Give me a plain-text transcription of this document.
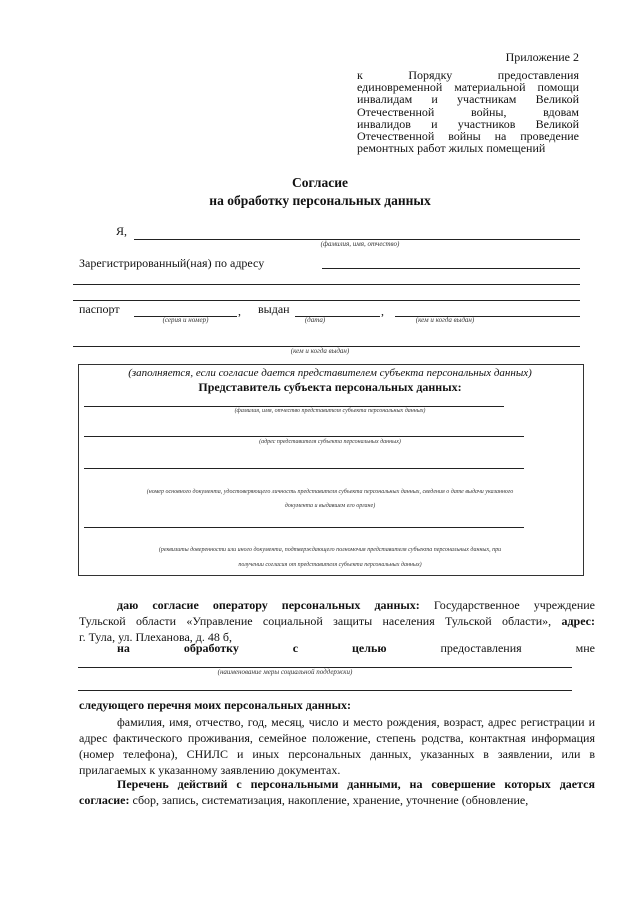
Приложение 2
к Порядку предоставления
единовременной материальной помощи
инвалидам и участникам Великой
Отечественной войны, вдовам
инвалидов и участников Великой
Отечественной войны на проведение
ремонтных работ жилых помещений
Согласие
на обработку персональных данных
Я,
(фамилия, имя, отчество)
Зарегистрированный(ная) по адресу
паспорт
(серия и номер)
, выдан
(дата)
,
(кем и когда выдан)
(кем и когда выдан)
(заполняется, если согласие дается представителем субъекта персональных данных)
Представитель субъекта персональных данных:
(фамилия, имя, отчество представителя субъекта персональных данных)
(адрес представителя субъекта персональных данных)
(номер основного документа, удостоверяющего личность представителя субъекта персональных данных, сведения о дате выдачи указанного
документа и выдавшем его органе)
(реквизиты доверенности или иного документа, подтверждающего полномочия представителя субъекта персональных данных, при
получении согласия от представителя субъекта персональных данных)
даю согласие оператору персональных данных: Государственное учреждение
Тульской области «Управление социальной защиты населения Тульской области», адрес:
г. Тула, ул. Плеханова, д. 48 б,
на	обработку	с	целью	предоставления	мне
(наименование меры социальной поддержки)
следующего перечня моих персональных данных:
фамилия, имя, отчество, год, месяц, число и место рождения, возраст, адрес регистрации и адрес фактического проживания, семейное положение, степень родства, контактная информация (номер телефона), СНИЛС и иных персональных данных, указанных в заявлении, или в прилагаемых к указанному заявлению документах.
Перечень действий с персональными данными, на совершение которых дается согласие: сбор, запись, систематизация, накопление, хранение, уточнение (обновление,
